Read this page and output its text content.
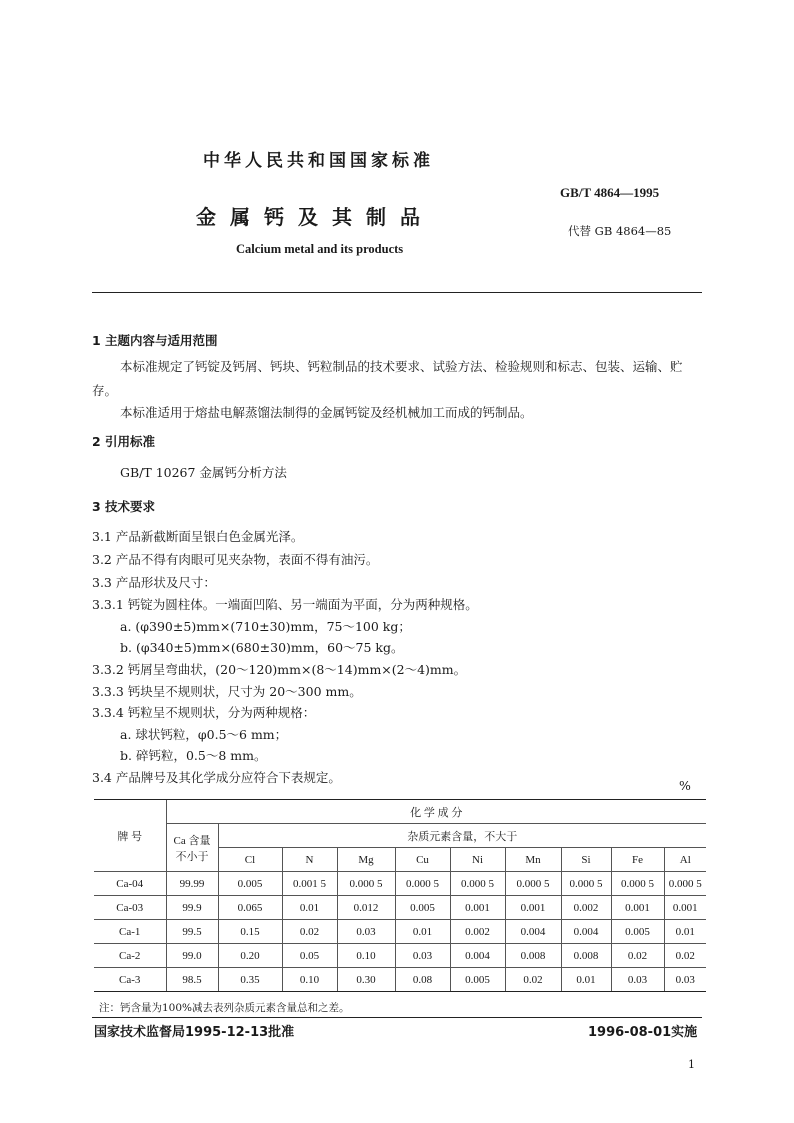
中华人民共和国国家标准
金属钙及其制品
Calcium metal and its products
GB/T 4864—1995
代替 GB 4864—85
1 主题内容与适用范围
本标准规定了钙锭及钙屑、钙块、钙粒制品的技术要求、试验方法、检验规则和标志、包装、运输、贮
存。
本标准适用于熔盐电解蒸馏法制得的金属钙锭及经机械加工而成的钙制品。
2 引用标准
GB/T 10267 金属钙分析方法
3 技术要求
3.1 产品新截断面呈银白色金属光泽。
3.2 产品不得有肉眼可见夹杂物，表面不得有油污。
3.3 产品形状及尺寸：
3.3.1 钙锭为圆柱体。一端面凹陷、另一端面为平面，分为两种规格。
a. (φ390±5)mm×(710±30)mm，75～100 kg；
b. (φ340±5)mm×(680±30)mm，60～75 kg。
3.3.2 钙屑呈弯曲状，(20～120)mm×(8～14)mm×(2～4)mm。
3.3.3 钙块呈不规则状，尺寸为 20～300 mm。
3.3.4 钙粒呈不规则状，分为两种规格：
a. 球状钙粒，φ0.5～6 mm；
b. 碎钙粒，0.5～8 mm。
3.4 产品牌号及其化学成分应符合下表规定。
%
牌 号	化 学 成 分									

	Ca 含量
不小于	杂质元素含量，不大于								
		Cl	N	Mg	Cu	Ni	Mn	Si	Fe	Al
Ca-04	99.99	0.005	0.001 5	0.000 5	0.000 5	0.000 5	0.000 5	0.000 5	0.000 5	0.000 5
Ca-03	99.9	0.065	0.01	0.012	0.005	0.001	0.001	0.002	0.001	0.001
Ca-1	99.5	0.15	0.02	0.03	0.01	0.002	0.004	0.004	0.005	0.01
Ca-2	99.0	0.20	0.05	0.10	0.03	0.004	0.008	0.008	0.02	0.02
Ca-3	98.5	0.35	0.10	0.30	0.08	0.005	0.02	0.01	0.03	0.03
注：钙含量为100%减去表列杂质元素含量总和之差。
国家技术监督局1995-12-13批准	1996-08-01实施
1
